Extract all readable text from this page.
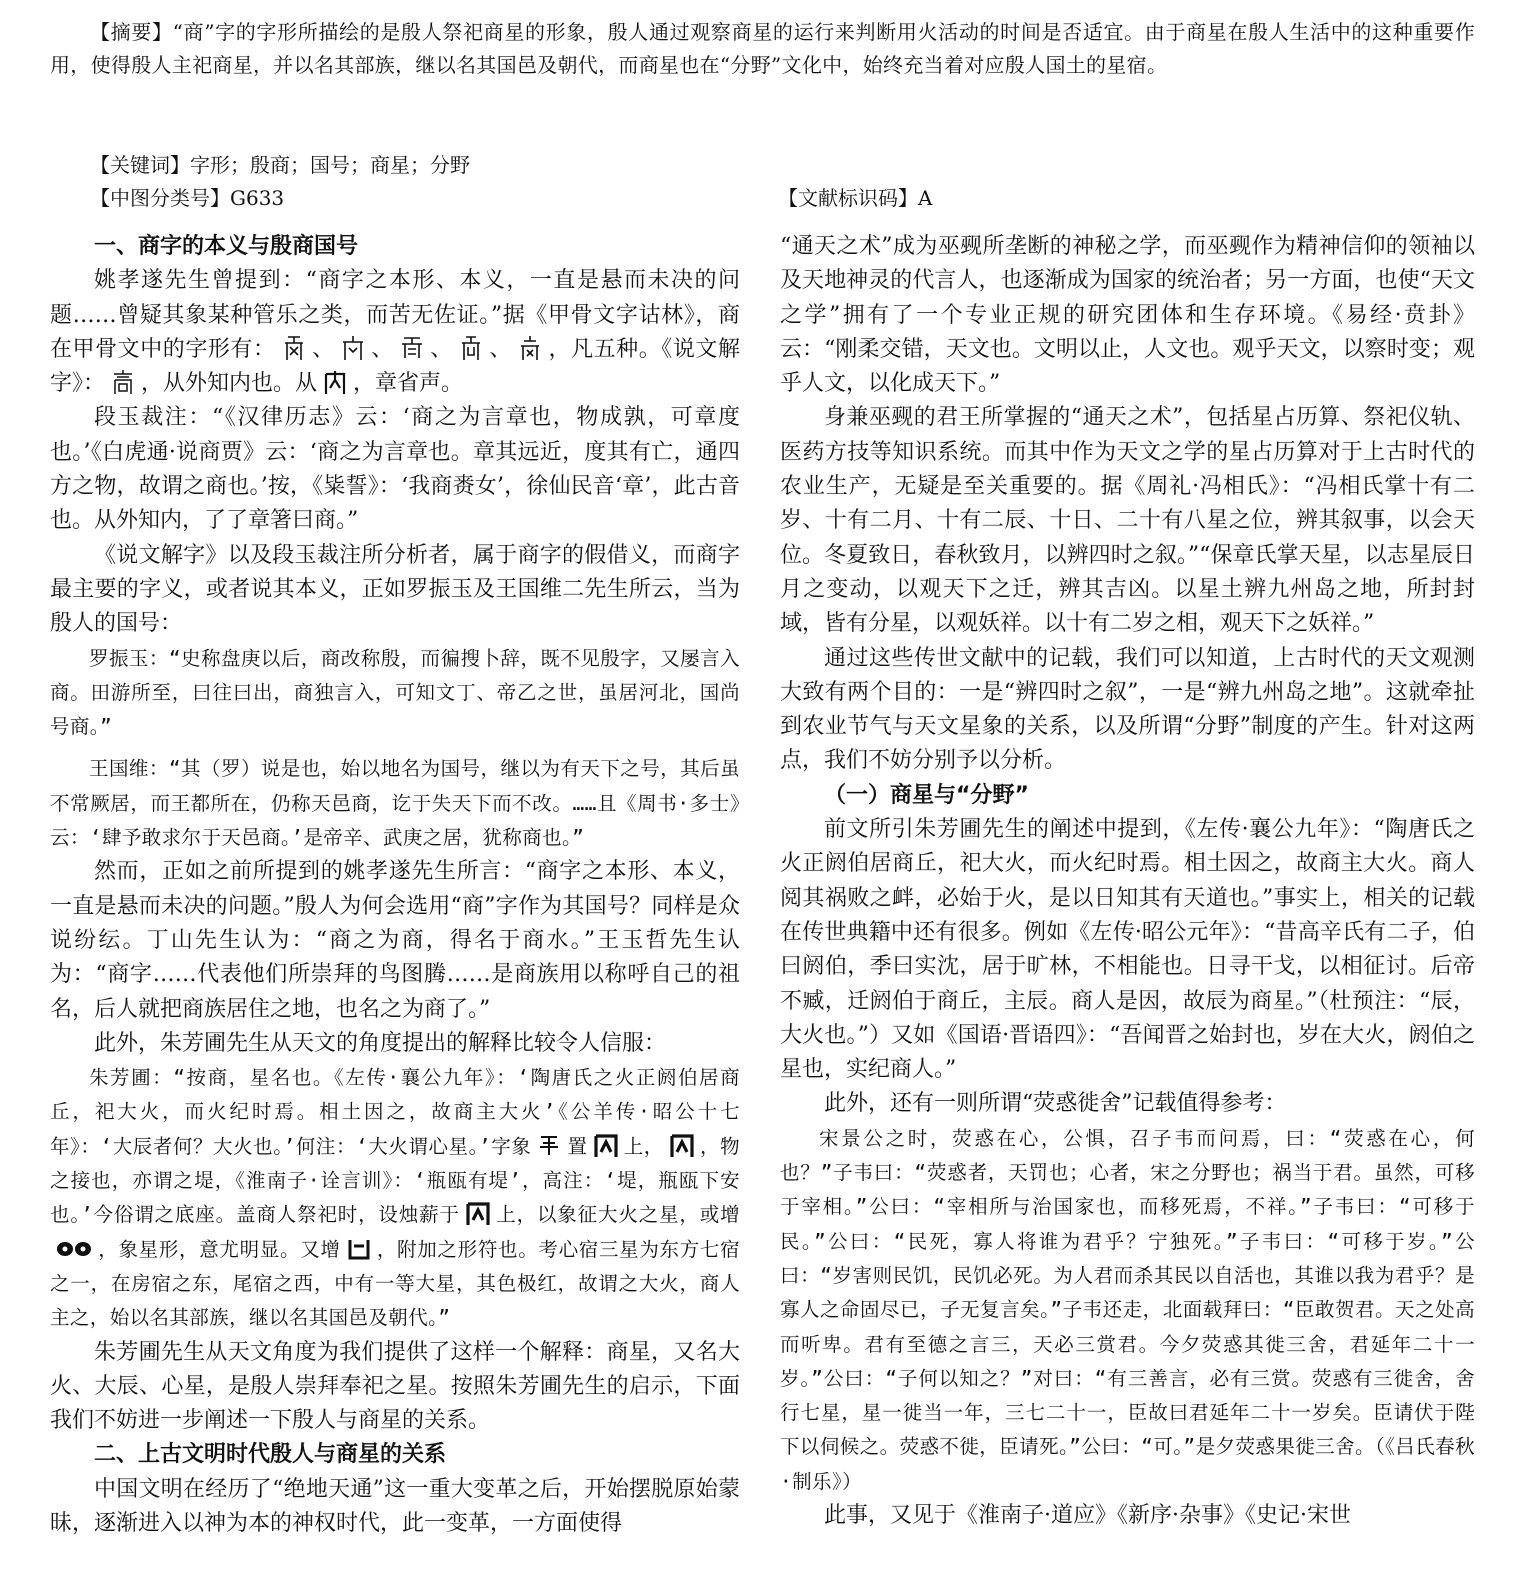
【摘要】“商”字的字形所描绘的是殷人祭祀商星的形象，殷人通过观察商星的运行来判断用火活动的时间是否适宜。由于商星在殷人生活中的这种重要作用，使得殷人主祀商星，并以名其部族，继以名其国邑及朝代，而商星也在“分野”文化中，始终充当着对应殷人国土的星宿。

【关键词】字形；殷商；国号；商星；分野

【中图分类号】G633	【文献标识码】A

一、商字的本义与殷商国号

姚孝遂先生曾提到：“商字之本形、本义，一直是悬而未决的问题……曾疑其象某种管乐之类，而苦无佐证。”据《甲骨文字诂林》，商在甲骨文中的字形有： 、 、 、 、 ，凡五种。《说文解字》： ，从外知内也。从 ，章省声。

段玉裁注：“《汉律历志》云：‘商之为言章也，物成孰，可章度也。’《白虎通·说商贾》云：‘商之为言章也。章其远近，度其有亡，通四方之物，故谓之商也。’按，《粊誓》：‘我商赉女’，徐仙民音‘章’，此古音也。从外知内，了了章箸曰商。”

《说文解字》以及段玉裁注所分析者，属于商字的假借义，而商字最主要的字义，或者说其本义，正如罗振玉及王国维二先生所云，当为殷人的国号：

罗振玉：“史称盘庚以后，商改称殷，而徧搜卜辞，既不见殷字，又屡言入商。田游所至，曰往曰出，商独言入，可知文丁、帝乙之世，虽居河北，国尚号商。”

王国维：“其（罗）说是也，始以地名为国号，继以为有天下之号，其后虽不常厥居，而王都所在，仍称天邑商，讫于失天下而不改。……且《周书·多士》云：‘肆予敢求尔于天邑商。’是帝辛、武庚之居，犹称商也。”

然而，正如之前所提到的姚孝遂先生所言：“商字之本形、本义，一直是悬而未决的问题。”殷人为何会选用“商”字作为其国号？同样是众说纷纭。丁山先生认为：“商之为商，得名于商水。”王玉哲先生认为：“商字……代表他们所崇拜的鸟图腾……是商族用以称呼自己的祖名，后人就把商族居住之地，也名之为商了。”

此外，朱芳圃先生从天文的角度提出的解释比较令人信服：

朱芳圃：“按商，星名也。《左传·襄公九年》：‘陶唐氏之火正阏伯居商丘，祀大火，而火纪时焉。相土因之，故商主大火’《公羊传·昭公十七年》：‘大辰者何？大火也。’何注：‘大火谓心星。’字象 置 上， ，物之接也，亦谓之堤，《淮南子·诠言训》：‘瓶瓯有堤’，高注：‘堤，瓶瓯下安也。’今俗谓之底座。盖商人祭祀时，设烛薪于 上，以象征大火之星，或增
，象星形，意尤明显。又增 ，附加之形符也。考心宿三星为东方七宿之一，在房宿之东，尾宿之西，中有一等大星，其色极红，故谓之大火，商人主之，始以名其部族，继以名其国邑及朝代。”

朱芳圃先生从天文角度为我们提供了这样一个解释：商星，又名大火、大辰、心星，是殷人崇拜奉祀之星。按照朱芳圃先生的启示，下面我们不妨进一步阐述一下殷人与商星的关系。

二、上古文明时代殷人与商星的关系

中国文明在经历了“绝地天通”这一重大变革之后，开始摆脱原始蒙昧，逐渐进入以神为本的神权时代，此一变革，一方面使得

“通天之术”成为巫觋所垄断的神秘之学，而巫觋作为精神信仰的领袖以及天地神灵的代言人，也逐渐成为国家的统治者；另一方面，也使“天文之学”拥有了一个专业正规的研究团体和生存环境。《易经·贲卦》云：“刚柔交错，天文也。文明以止，人文也。观乎天文，以察时变；观乎人文，以化成天下。”

身兼巫觋的君王所掌握的“通天之术”，包括星占历算、祭祀仪轨、医药方技等知识系统。而其中作为天文之学的星占历算对于上古时代的农业生产，无疑是至关重要的。据《周礼·冯相氏》：“冯相氏掌十有二岁、十有二月、十有二辰、十日、二十有八星之位，辨其叙事，以会天位。冬夏致日，春秋致月，以辨四时之叙。”“保章氏掌天星，以志星辰日月之变动，以观天下之迁，辨其吉凶。以星土辨九州岛之地，所封封域，皆有分星，以观妖祥。以十有二岁之相，观天下之妖祥。”

通过这些传世文献中的记载，我们可以知道，上古时代的天文观测大致有两个目的：一是“辨四时之叙”，一是“辨九州岛之地”。这就牵扯到农业节气与天文星象的关系，以及所谓“分野”制度的产生。针对这两点，我们不妨分别予以分析。

（一）商星与“分野”

前文所引朱芳圃先生的阐述中提到，《左传·襄公九年》：“陶唐氏之火正阏伯居商丘，祀大火，而火纪时焉。相土因之，故商主大火。商人阅其祸败之衅，必始于火，是以日知其有天道也。”事实上，相关的记载在传世典籍中还有很多。例如《左传·昭公元年》：“昔高辛氏有二子，伯曰阏伯，季曰实沈，居于旷林，不相能也。日寻干戈，以相征讨。后帝不臧，迁阏伯于商丘，主辰。商人是因，故辰为商星。”（杜预注：“辰，大火也。”）又如《国语·晋语四》：“吾闻晋之始封也，岁在大火，阏伯之星也，实纪商人。”

此外，还有一则所谓“荧惑徙舍”记载值得参考：

宋景公之时，荧惑在心，公惧，召子韦而问焉，曰：“荧惑在心，何也？”子韦曰：“荧惑者，天罚也；心者，宋之分野也；祸当于君。虽然，可移于宰相。”公曰：“宰相所与治国家也，而移死焉，不祥。”子韦曰：“可移于民。”公曰：“民死，寡人将谁为君乎？宁独死。”子韦曰：“可移于岁。”公曰：“岁害则民饥，民饥必死。为人君而杀其民以自活也，其谁以我为君乎？是寡人之命固尽已，子无复言矣。”子韦还走，北面载拜曰：“臣敢贺君。天之处高而听卑。君有至德之言三，天必三赏君。今夕荧惑其徙三舍，君延年二十一岁。”公曰：“子何以知之？”对曰：“有三善言，必有三赏。荧惑有三徙舍，舍行七星，星一徙当一年，三七二十一，臣故曰君延年二十一岁矣。臣请伏于陛下以伺候之。荧惑不徙，臣请死。”公曰：“可。”是夕荧惑果徙三舍。（《吕氏春秋·制乐》）

此事，又见于《淮南子·道应》《新序·杂事》《史记·宋世
